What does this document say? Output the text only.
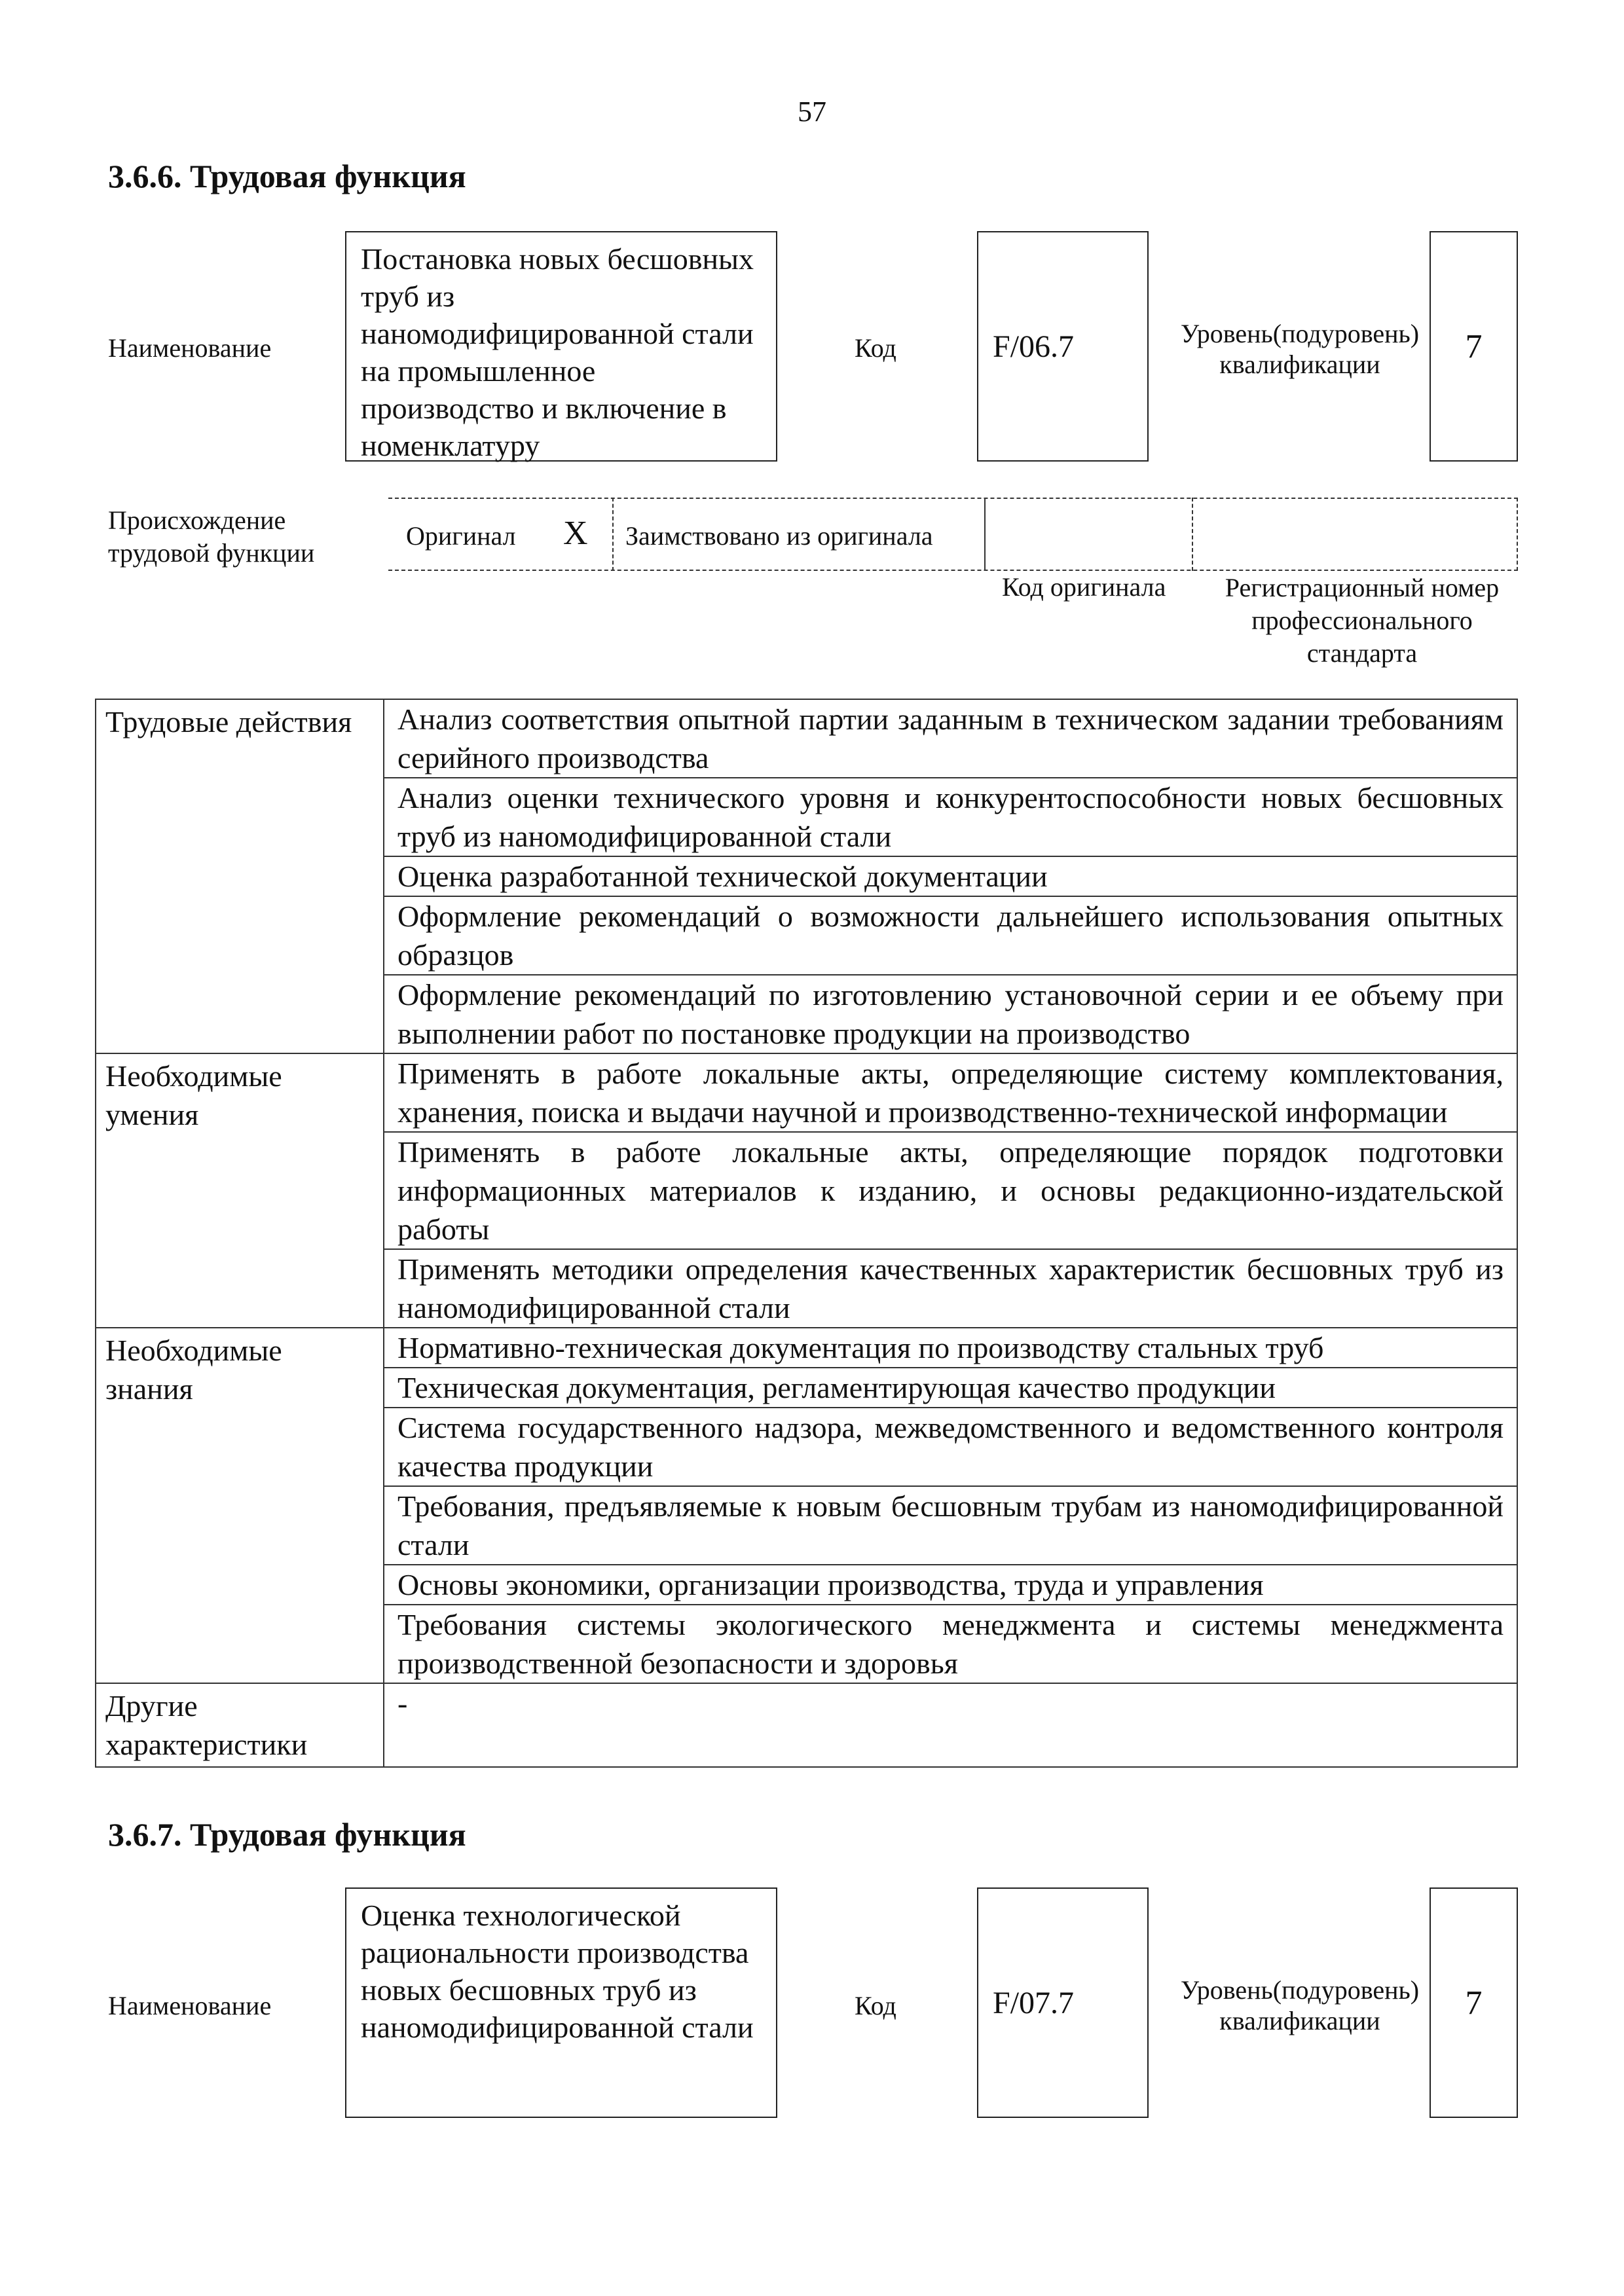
57
3.6.6. Трудовая функция
Наименование
Постановка новых бесшовных труб из наномодифицированной стали на промышленное производство и включение в номенклатуру
Код	F/06.7	Уровень(подуровень) квалификации	7
Происхождение трудовой функции
Оригинал X Заимствовано из оригинала
Код оригинала	Регистрационный номер профессионального стандарта
Трудовые действия	Анализ соответствия опытной партии заданным в техническом задании требованиям серийного производства
	Анализ оценки технического уровня и конкурентоспособности новых бесшовных труб из наномодифицированной стали
	Оценка разработанной технической документации
	Оформление рекомендаций о возможности дальнейшего использования опытных образцов
	Оформление рекомендаций по изготовлению установочной серии и ее объему при выполнении работ по постановке продукции на производство
Необходимые умения	Применять в работе локальные акты, определяющие систему комплектования, хранения, поиска и выдачи научной и производственно-технической информации
	Применять в работе локальные акты, определяющие порядок подготовки информационных материалов к изданию, и основы редакционно-издательской работы
	Применять методики определения качественных характеристик бесшовных труб из наномодифицированной стали
Необходимые знания	Нормативно-техническая документация по производству стальных труб
	Техническая документация, регламентирующая качество продукции
	Система государственного надзора, межведомственного и ведомственного контроля качества продукции
	Требования, предъявляемые к новым бесшовным трубам из наномодифицированной стали
	Основы экономики, организации производства, труда и управления
	Требования системы экологического менеджмента и системы менеджмента производственной безопасности и здоровья
Другие характеристики	-
3.6.7. Трудовая функция
Наименование
Оценка технологической рациональности производства новых бесшовных труб из наномодифицированной стали
Код	F/07.7	Уровень(подуровень) квалификации	7
